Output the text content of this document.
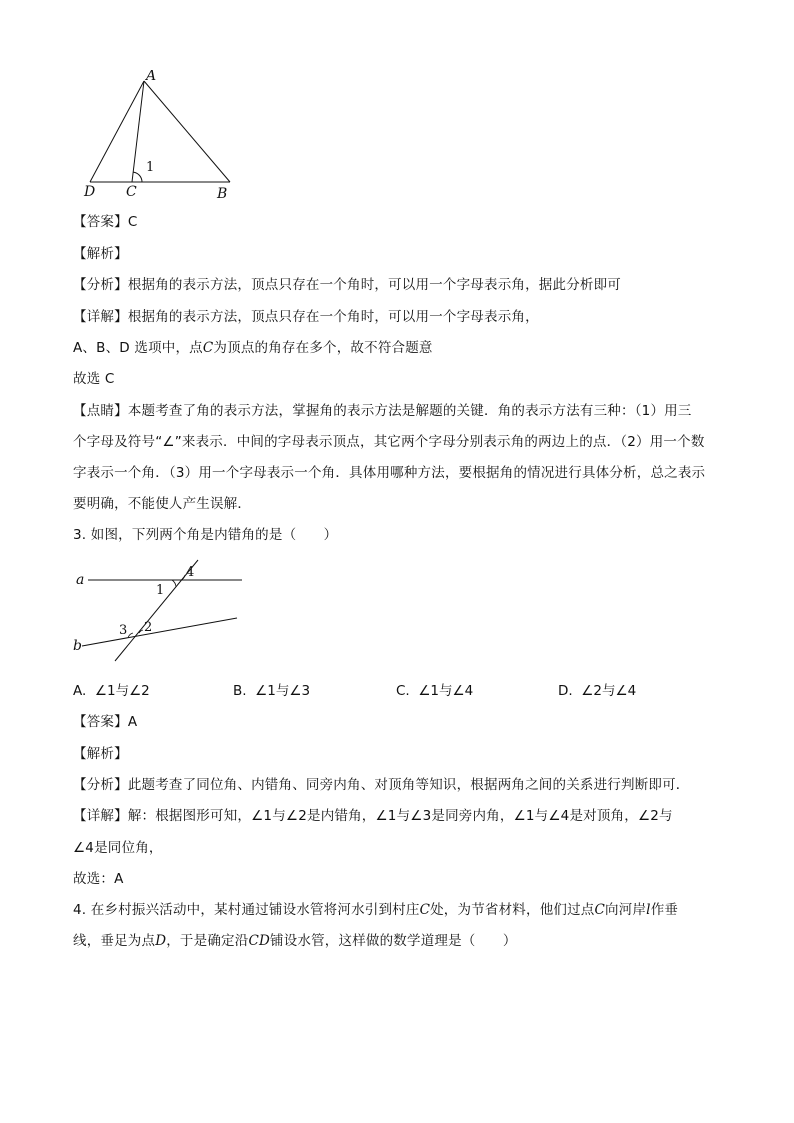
A
D C	B
1
【答案】C
【解析】
【分析】根据角的表示方法，顶点只存在一个角时，可以用一个字母表示角，据此分析即可
【详解】根据角的表示方法，顶点只存在一个角时，可以用一个字母表示角，
A、B、D 选项中，点C为顶点的角存在多个，故不符合题意
故选 C
【点睛】本题考查了角的表示方法，掌握角的表示方法是解题的关键．角的表示方法有三种：（1）用三
个字母及符号“∠”来表示．中间的字母表示顶点，其它两个字母分别表示角的两边上的点．（2）用一个数
字表示一个角．（3）用一个字母表示一个角．具体用哪种方法，要根据角的情况进行具体分析，总之表示
要明确，不能使人产生误解．
3. 如图，下列两个角是内错角的是（　　）
a
b
1
4
3 2
A. ∠1与∠2	B. ∠1与∠3	C. ∠1与∠4	D. ∠2与∠4
【答案】A
【解析】
【分析】此题考查了同位角、内错角、同旁内角、对顶角等知识，根据两角之间的关系进行判断即可．
【详解】解：根据图形可知，∠1与∠2是内错角，∠1与∠3是同旁内角，∠1与∠4是对顶角，∠2与
∠4是同位角，
故选：A
4. 在乡村振兴活动中，某村通过铺设水管将河水引到村庄C处，为节省材料，他们过点C向河岸l作垂
线，垂足为点D，于是确定沿CD铺设水管，这样做的数学道理是（　　）
